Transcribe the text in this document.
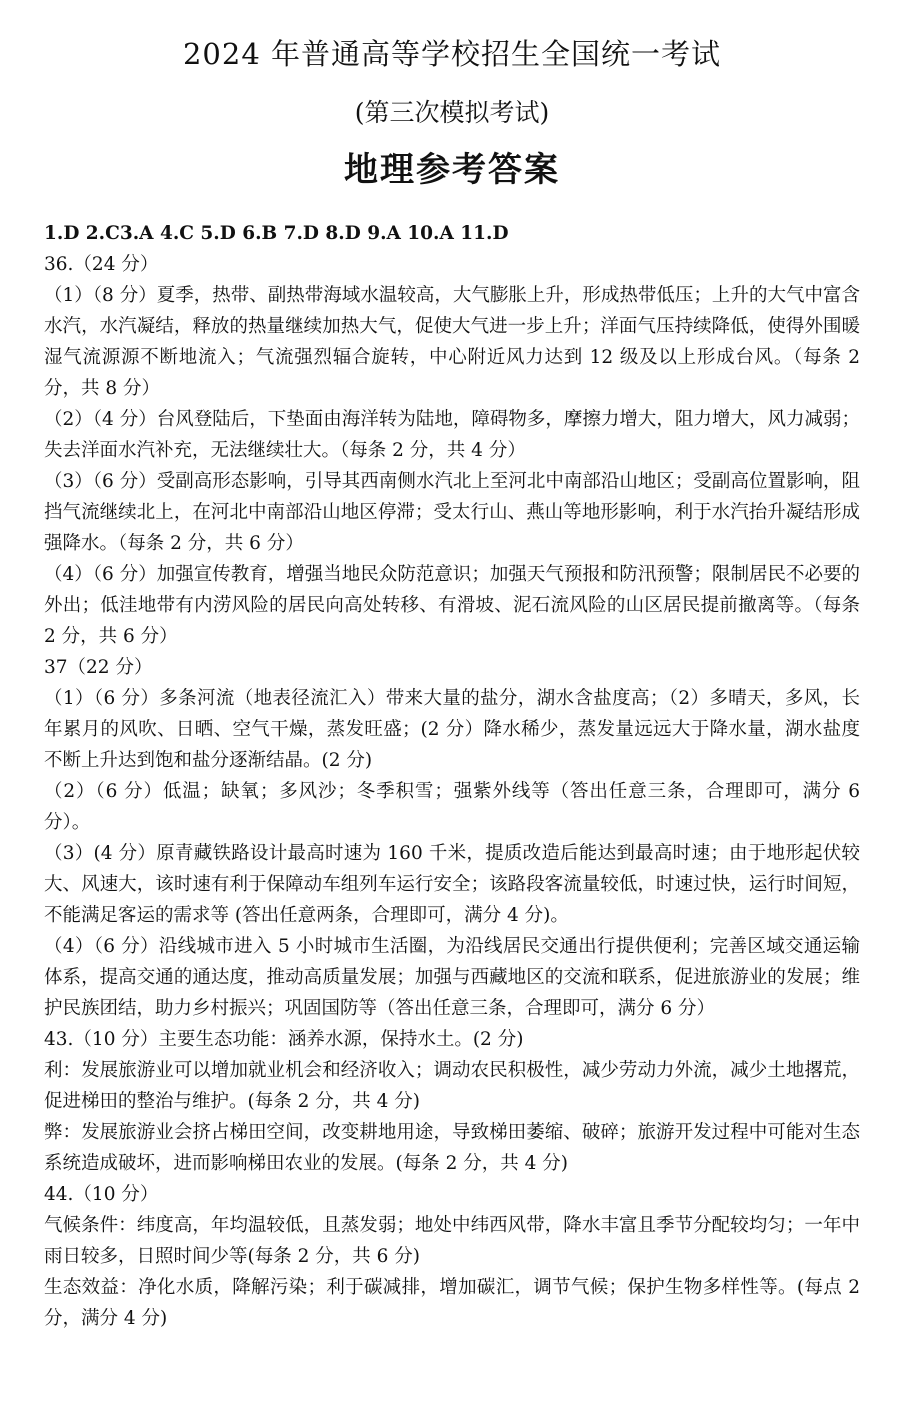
2024 年普通高等学校招生全国统一考试
(第三次模拟考试)
地理参考答案

1.D 2.C3.A 4.C 5.D 6.B 7.D 8.D 9.A 10.A 11.D

36.（24 分）

（1）（8 分）夏季，热带、副热带海域水温较高，大气膨胀上升，形成热带低压；上升的大气中富含水汽，水汽凝结，释放的热量继续加热大气，促使大气进一步上升；洋面气压持续降低，使得外围暖湿气流源源不断地流入；气流强烈辐合旋转，中心附近风力达到 12 级及以上形成台风。（每条 2 分，共 8 分）

（2）（4 分）台风登陆后，下垫面由海洋转为陆地，障碍物多，摩擦力增大，阻力增大，风力减弱；失去洋面水汽补充，无法继续壮大。（每条 2 分，共 4 分）

（3）（6 分）受副高形态影响，引导其西南侧水汽北上至河北中南部沿山地区；受副高位置影响，阻挡气流继续北上，在河北中南部沿山地区停滞；受太行山、燕山等地形影响，利于水汽抬升凝结形成强降水。（每条 2 分，共 6 分）

（4）（6 分）加强宣传教育，增强当地民众防范意识；加强天气预报和防汛预警；限制居民不必要的外出；低洼地带有内涝风险的居民向高处转移、有滑坡、泥石流风险的山区居民提前撤离等。（每条 2 分，共 6 分）

37（22 分）

（1）（6 分）多条河流（地表径流汇入）带来大量的盐分，湖水含盐度高；（2）多晴天，多风，长年累月的风吹、日晒、空气干燥，蒸发旺盛；(2 分）降水稀少，蒸发量远远大于降水量，湖水盐度不断上升达到饱和盐分逐渐结晶。(2 分)

（2）（6 分）低温；缺氧；多风沙；冬季积雪；强紫外线等（答出任意三条，合理即可，满分 6 分）。

（3）(4 分）原青藏铁路设计最高时速为 160 千米，提质改造后能达到最高时速；由于地形起伏较大、风速大，该时速有利于保障动车组列车运行安全；该路段客流量较低，时速过快，运行时间短，不能满足客运的需求等 (答出任意两条，合理即可，满分 4 分)。

（4）（6 分）沿线城市进入 5 小时城市生活圈，为沿线居民交通出行提供便利；完善区域交通运输体系，提高交通的通达度，推动高质量发展；加强与西藏地区的交流和联系，促进旅游业的发展；维护民族团结，助力乡村振兴；巩固国防等（答出任意三条，合理即可，满分 6 分）

43.（10 分）主要生态功能：涵养水源，保持水土。(2 分)

利：发展旅游业可以增加就业机会和经济收入；调动农民积极性，减少劳动力外流，减少土地撂荒，促进梯田的整治与维护。(每条 2 分，共 4 分)

弊：发展旅游业会挤占梯田空间，改变耕地用途，导致梯田萎缩、破碎；旅游开发过程中可能对生态系统造成破坏，进而影响梯田农业的发展。(每条 2 分，共 4 分)

44.（10 分）

气候条件：纬度高，年均温较低，且蒸发弱；地处中纬西风带，降水丰富且季节分配较均匀；一年中雨日较多，日照时间少等(每条 2 分，共 6 分)

生态效益：净化水质，降解污染；利于碳减排，增加碳汇，调节气候；保护生物多样性等。(每点 2 分，满分 4 分)
